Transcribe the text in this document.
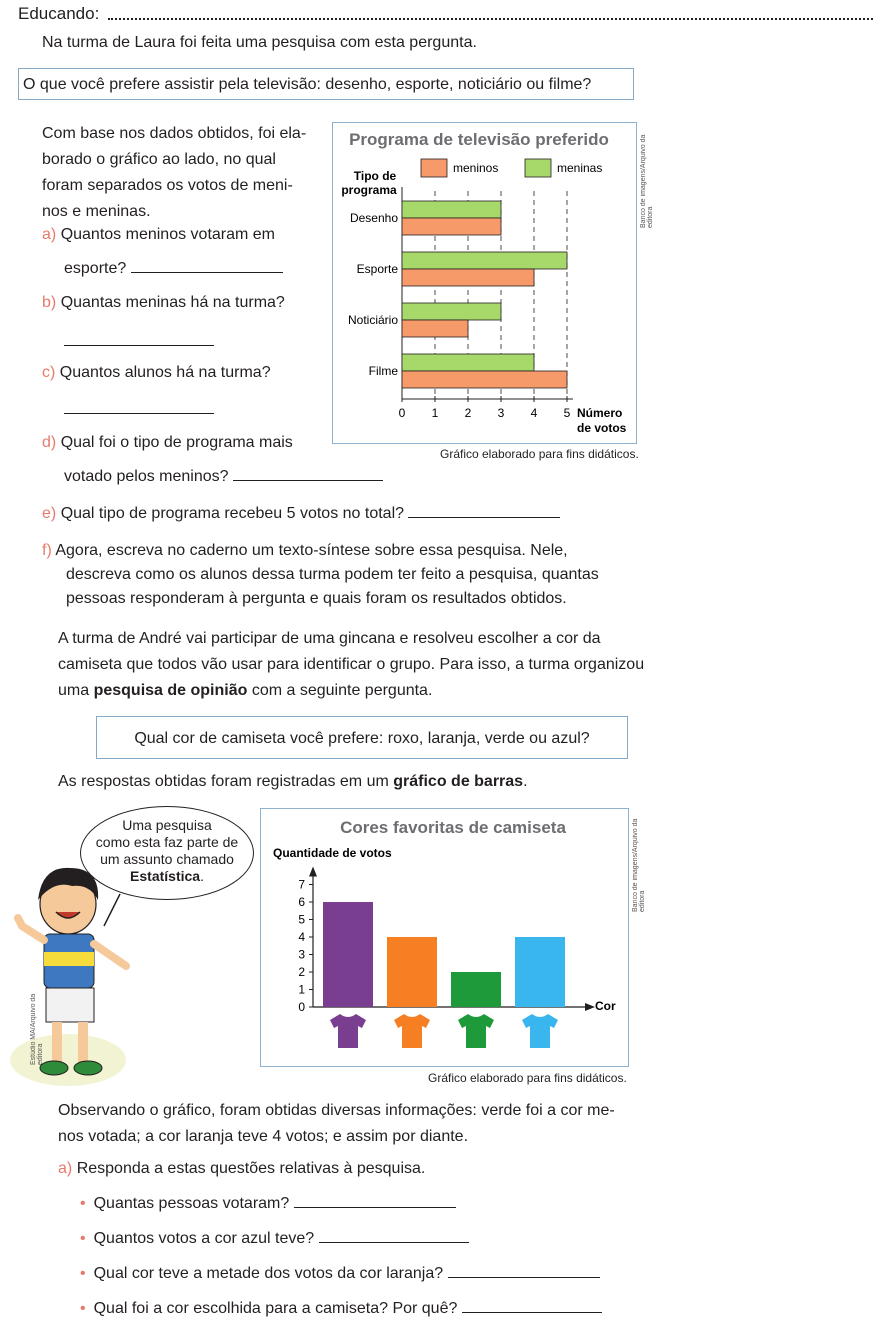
Educando:
Na turma de Laura foi feita uma pesquisa com esta pergunta.
O que você prefere assistir pela televisão: desenho, esporte, noticiário ou filme?
Com base nos dados obtidos, foi ela-
borado o gráfico ao lado, no qual
foram separados os votos de meni-
nos e meninas.
a) Quantos meninos votaram em
esporte?
b) Quantas meninas há na turma?
c) Quantos alunos há na turma?
d) Qual foi o tipo de programa mais
votado pelos meninos?
Programa de televisão preferido
meninos	meninas
Tipo de
programa
Número
de votos
0 1 2 3 4 5
Desenho
Esporte
Noticiário
Filme
Banco de imagens/Arquivo da editora
Gráfico elaborado para fins didáticos.
e) Qual tipo de programa recebeu 5 votos no total?
f) Agora, escreva no caderno um texto-síntese sobre essa pesquisa. Nele,
descreva como os alunos dessa turma podem ter feito a pesquisa, quantas
pessoas responderam à pergunta e quais foram os resultados obtidos.
A turma de André vai participar de uma gincana e resolveu escolher a cor da
camiseta que todos vão usar para identificar o grupo. Para isso, a turma organizou
uma pesquisa de opinião com a seguinte pergunta.
Qual cor de camiseta você prefere: roxo, laranja, verde ou azul?
As respostas obtidas foram registradas em um gráfico de barras.
Uma pesquisa
como esta faz parte de
um assunto chamado
Estatística.
Estúdio MA/Arquivo da editora
Cores favoritas de camiseta
Quantidade de votos
Cor
0
1
2
3
4
5
6
7	Banco de imagens/Arquivo da editora
Gráfico elaborado para fins didáticos.
Observando o gráfico, foram obtidas diversas informações: verde foi a cor me-
nos votada; a cor laranja teve 4 votos; e assim por diante.
a) Responda a estas questões relativas à pesquisa.
• Quantas pessoas votaram?
• Quantos votos a cor azul teve?
• Qual cor teve a metade dos votos da cor laranja?
• Qual foi a cor escolhida para a camiseta? Por quê?
